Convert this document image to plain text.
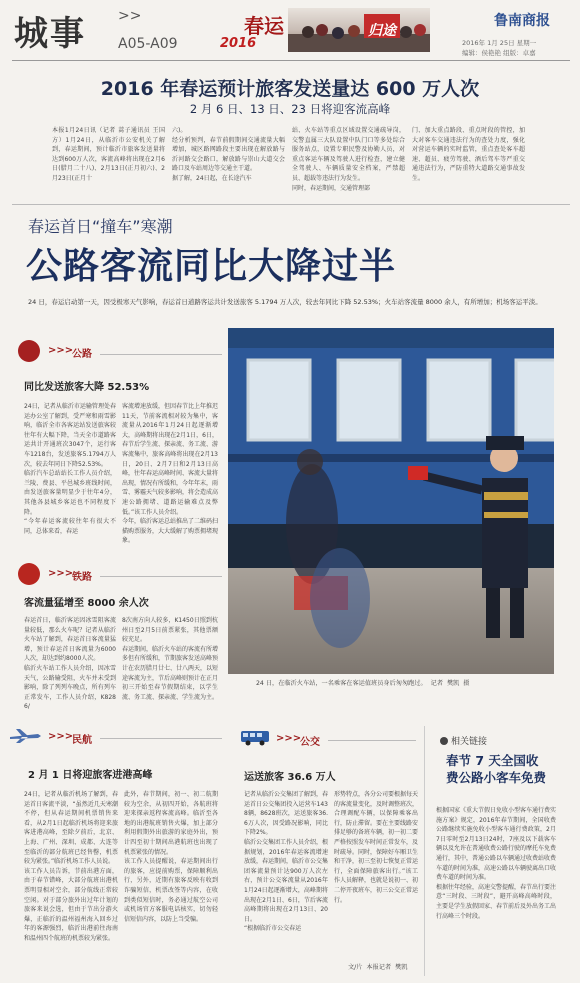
城事 >>
A05-A09
春运
2016
归途
鲁南商报
2016年 1月 25日 星期一
编辑：侯艳艳 组版：卓嘉
2016 年春运预计旅客发送量达 600 万人次
2 月 6 日、13 日、23 日将迎客流高峰
本报1月24日讯（记者 蒿子通讯员 王国方）1月24日，从临沂市公安机关了解到，春运期间，预计临沂市旅客发送量将达到600万人次，客流高峰将出现在2月6日(腊月二十八)、2月13日(正月初六)、2月23日(正月十
六)。
经分析预判，春节前假期间交通流量大幅增加，城区路网路段主要出现在解放路与沂河路交会路口，解放路与崇山大道交会路口及车站周边等交通主干道。
据了解，24日起，在长途汽车
站、火车站等重点区域设置交通疏导岗，交警直属三大队设置中队门口等多处综合服务站点，设置专职民警及协勤人员，对重点客运车辆及驾驶人进行检查，建立健全驾驶人、车辆质量安全档案，严禁超员、超载等违法行为发生。
同时，春运期间，交通管理部
门、加大重点路段、重点时段的管控，加大对客车交通违法行为的查处力度，强化对营运车辆的实时监管，重点查处客车超速、超员、疲劳驾驶、酒后驾车等严重交通违法行为，严防重特大道路交通事故发生。
春运首日“撞车”寒潮
公路客流同比大降过半
24 日，春运启动第一天，因受极寒天气影响，春运首日道路客运共计发送旅客 5.1794 万人次，较去年同比下降 52.53%；火车站客流量 8000 余人，有所增加；机场客运平淡。
>>>
公路
同比发送旅客大降 52.53%
24日，记者从临沂市运输管理处春运办公室了解到，受严寒和雨雪影响，临沂全市各客运站发送旅客较往年有大幅下降，当天全市道路客运共计开通班次3047个，运行客车1218台，发送旅客5.1794万人次，较去年同日下降52.53%。
临沂汽车总站站长工作人员介绍，兰陵、费县、平邑城乡班线时间，由发送旅客量明显少于往年4分，其他各县城乡客运也不同程度下降。
“今年春运客流较往年有很大不同，总体来看，春运
客流增速放缓，但因春节比上年推迟11天，节前客流相对较为集中，客流量从2016年1月24日起逐渐增大，高峰期将出现在2月1日，6日，春节后学生流、探亲流、务工流、游客流集中，旅客高峰将出现在2月13日，20日、2月7日和2月13日高峰，往年春运高峰时间、客流大量将出现，情况有所缓和，今年年末，雨雪、雾霾天气较多影响，将会造成高速公路拥堵、道路运输难点及弊低。”该工作人员介绍。
今年，临沂客运总站推出了二维码扫描购票服务，大大缓解了购票拥堵现象。
>>>
铁路
客流量猛增至 8000 余人次
春运首日，临沂客运因冰雪阻客流量较低，那么火车呢？记者从临沂火车站了解到，春运首日客流量猛增，预计春运首日客流量为6000人次，却达到约8000人次。
临沂火车站工作人员介绍，因冰雪天气，公路输受阻，火车并未受到影响，除了列列车晚点，所有列车正常发车，工作人员介绍，K8286/
8次南方向人较多，K1450日照到杭州日至2月5日前票紧张，其他票额较充足。
春运期间，临沂火车站的客流有所增多但有所缓和，节期旅客发送高峰预计在农历腊月廿七、廿八两天，以短途客流为主，节后高峰则预计在正月初三开始至春节假期结束，以学生流、务工流、探亲流、学生流为主。
24 日，在临沂火车站，一名乘客在客运值班员身后匆匆跑过。  记者  樊凯  摄
>>>
民航
2 月 1 日将迎旅客进港高峰
24日，记者从临沂机场了解到，春运首日客流平淡，“虽然近几天寒潮不停，但从春运期间机票销售来看，从2月1日起临沂机场将迎来旅客进港高峰，至除夕前后，北京、上海、广州、深圳、成都、大连等至临沂的部分航班已经售罄，机票较为紧张。”临沂机场工作人员说。
该工作人员告诉，节前出港方面，由于春节错峰，大部分航班出港机票明显相对空余，部分航线正常较空闲。对于部分旅外出过年计划的旅客来说会选，但由于节出分游火爆，正临沂的温州福州海入回乡过年的客源强烈，临沂出港前往海南和温州四个航班的机票较为紧张。
此外，春节期间，初一、初二航期较为空余，从初四开始，各航班将迎来探亲返程客流高峰。临沂至各地的出港航班销售火爆，加上部分利用假期外出旅游的家庭外出，预计四至初十期间出港航班也出现了机票紧张的情况。
该工作人员提醒说，春运期间出行的旅客，应提前购票，保障顺利出行，另外，近期有旅客反映有收到诈骗短信，机票改签等内容，在收到类似短信时，务必通过航空公司或机场官方客服电话核实，切勿轻信短信内容，以防上当受骗。
>>>
公交
运送旅客 36.6 万人
记者从临沂公交集团了解到，春运首日公交集团投入运营车1438辆，8628班次，运送旅客36.6万人次，因受路况影响，同比下降2%。
临沂公交集团工作人员介绍，根据规划，2016年春运客流增速放缓，春运期间，临沂市公交集团客流量预计达900万人次左右，预计公交客流量从2016年1月24日起逐渐增大，高峰期将出现在2月1日、6日，节后客流高峰期将出现在2月13日、20日。
“根据临沂市公交春运
形势特点，各分公司要根据每天的客流量变化，及时调整班次，合理调配车辆，以保障乘客出行，防止滞留。要在主要线路安排足够的备班车辆，初一初二要严格按照发车时间正常发车，及时疏导。同时，保障好车厢卫生和干净，初三至初七恢复正常运行，全面保障旅客出行。”该工作人员解释，也就是说初一、初二停开夜班车，初三公交正常运行。
文/片  本报记者  樊凯
相关链接
春节 7 天全国收费公路小客车免费
根据国家《重大节假日免收小型客车通行费实施方案》规定，2016年春节期间，全国收费公路继续实施免收小型客车通行费政策，2月7日零时至2月13日24时，7座及以下载客车辆以及允许在普通收费公路行驶的摩托车免费通行，其中，普通公路以车辆通过收费站收费车道的时间为准，高速公路以车辆驶离出口收费车道的时间为准。
根据往年经验，高速交警提醒，春节出行要注意“三时段、三时段”，避开高峰高峰时段，主要是学生放假回家、春节前后及外出务工出行高峰三个时段。
